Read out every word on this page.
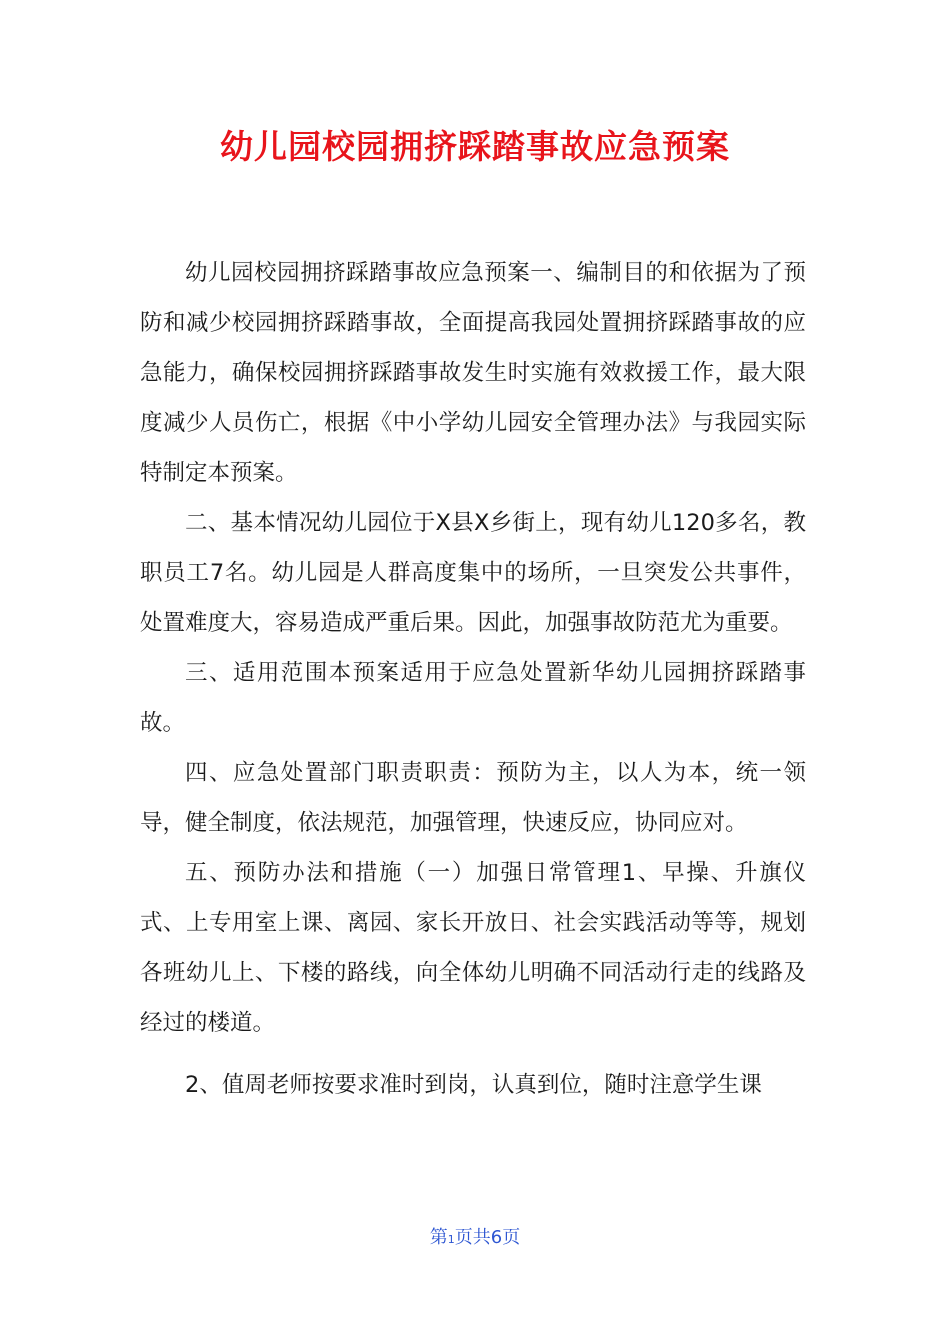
幼儿园校园拥挤踩踏事故应急预案

幼儿园校园拥挤踩踏事故应急预案一、编制目的和依据为了预防和减少校园拥挤踩踏事故，全面提高我园处置拥挤踩踏事故的应急能力，确保校园拥挤踩踏事故发生时实施有效救援工作，最大限度减少人员伤亡，根据《中小学幼儿园安全管理办法》与我园实际特制定本预案。

二、基本情况幼儿园位于X县X乡街上，现有幼儿120多名，教职员工7名。幼儿园是人群高度集中的场所，一旦突发公共事件，处置难度大，容易造成严重后果。因此，加强事故防范尤为重要。

三、适用范围本预案适用于应急处置新华幼儿园拥挤踩踏事故。

四、应急处置部门职责职责：预防为主，以人为本，统一领导，健全制度，依法规范，加强管理，快速反应，协同应对。

五、预防办法和措施（一）加强日常管理1、早操、升旗仪式、上专用室上课、离园、家长开放日、社会实践活动等等，规划各班幼儿上、下楼的路线，向全体幼儿明确不同活动行走的线路及经过的楼道。

2、值周老师按要求准时到岗，认真到位，随时注意学生课

第1页共6页
